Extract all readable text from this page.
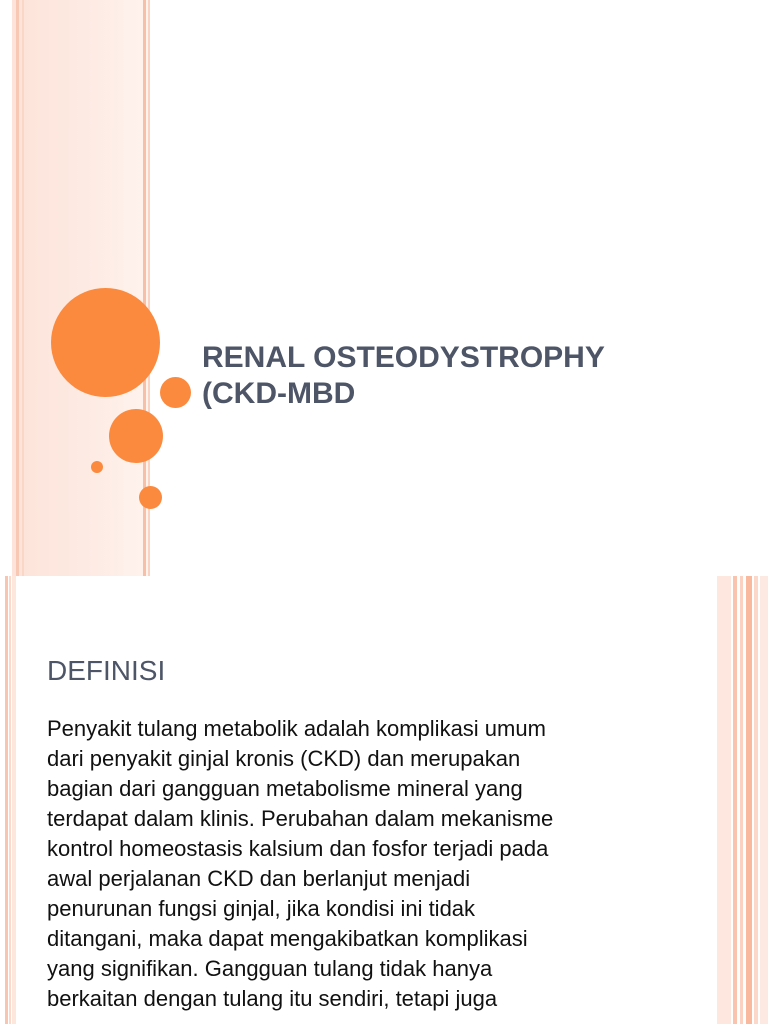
RENAL OSTEODYSTROPHY
(CKD-MBD
DEFINISI

Penyakit tulang metabolik adalah komplikasi umum
dari penyakit ginjal kronis (CKD) dan merupakan
bagian dari gangguan metabolisme mineral yang
terdapat dalam klinis. Perubahan dalam mekanisme
kontrol homeostasis kalsium dan fosfor terjadi pada
awal perjalanan CKD dan berlanjut menjadi
penurunan fungsi ginjal, jika kondisi ini tidak
ditangani, maka dapat mengakibatkan komplikasi
yang signifikan. Gangguan tulang tidak hanya
berkaitan dengan tulang itu sendiri, tetapi juga
